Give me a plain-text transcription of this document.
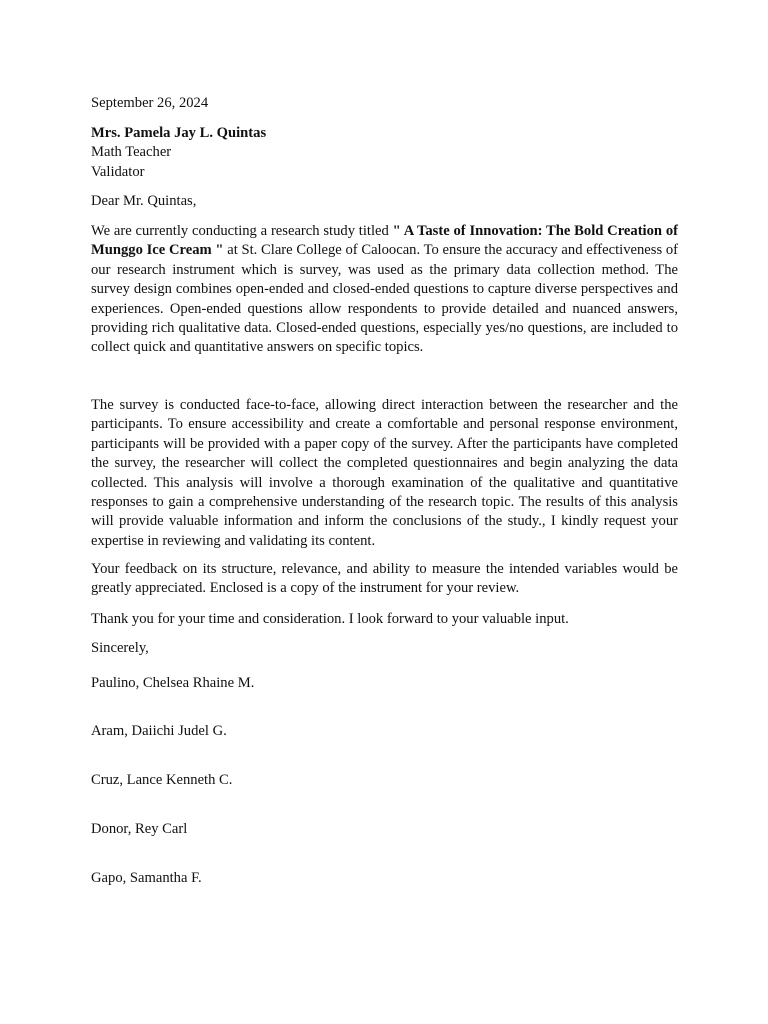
September 26, 2024

Mrs. Pamela Jay L. Quintas
Math Teacher
Validator

Dear Mr. Quintas,

We are currently conducting a research study titled " A Taste of Innovation: The Bold Creation of Munggo Ice Cream " at St. Clare College of Caloocan. To ensure the accuracy and effectiveness of our research instrument which is survey, was used as the primary data collection method. The survey design combines open-ended and closed-ended questions to capture diverse perspectives and experiences. Open-ended questions allow respondents to provide detailed and nuanced answers, providing rich qualitative data. Closed-ended questions, especially yes/no questions, are included to collect quick and quantitative answers on specific topics.

The survey is conducted face-to-face, allowing direct interaction between the researcher and the participants. To ensure accessibility and create a comfortable and personal response environment, participants will be provided with a paper copy of the survey. After the participants have completed the survey, the researcher will collect the completed questionnaires and begin analyzing the data collected. This analysis will involve a thorough examination of the qualitative and quantitative responses to gain a comprehensive understanding of the research topic. The results of this analysis will provide valuable information and inform the conclusions of the study., I kindly request your expertise in reviewing and validating its content.

Your feedback on its structure, relevance, and ability to measure the intended variables would be greatly appreciated. Enclosed is a copy of the instrument for your review.

Thank you for your time and consideration. I look forward to your valuable input.

Sincerely,

Paulino, Chelsea Rhaine M.

Aram, Daiichi Judel G.

Cruz, Lance Kenneth C.

Donor, Rey Carl

Gapo, Samantha F.
